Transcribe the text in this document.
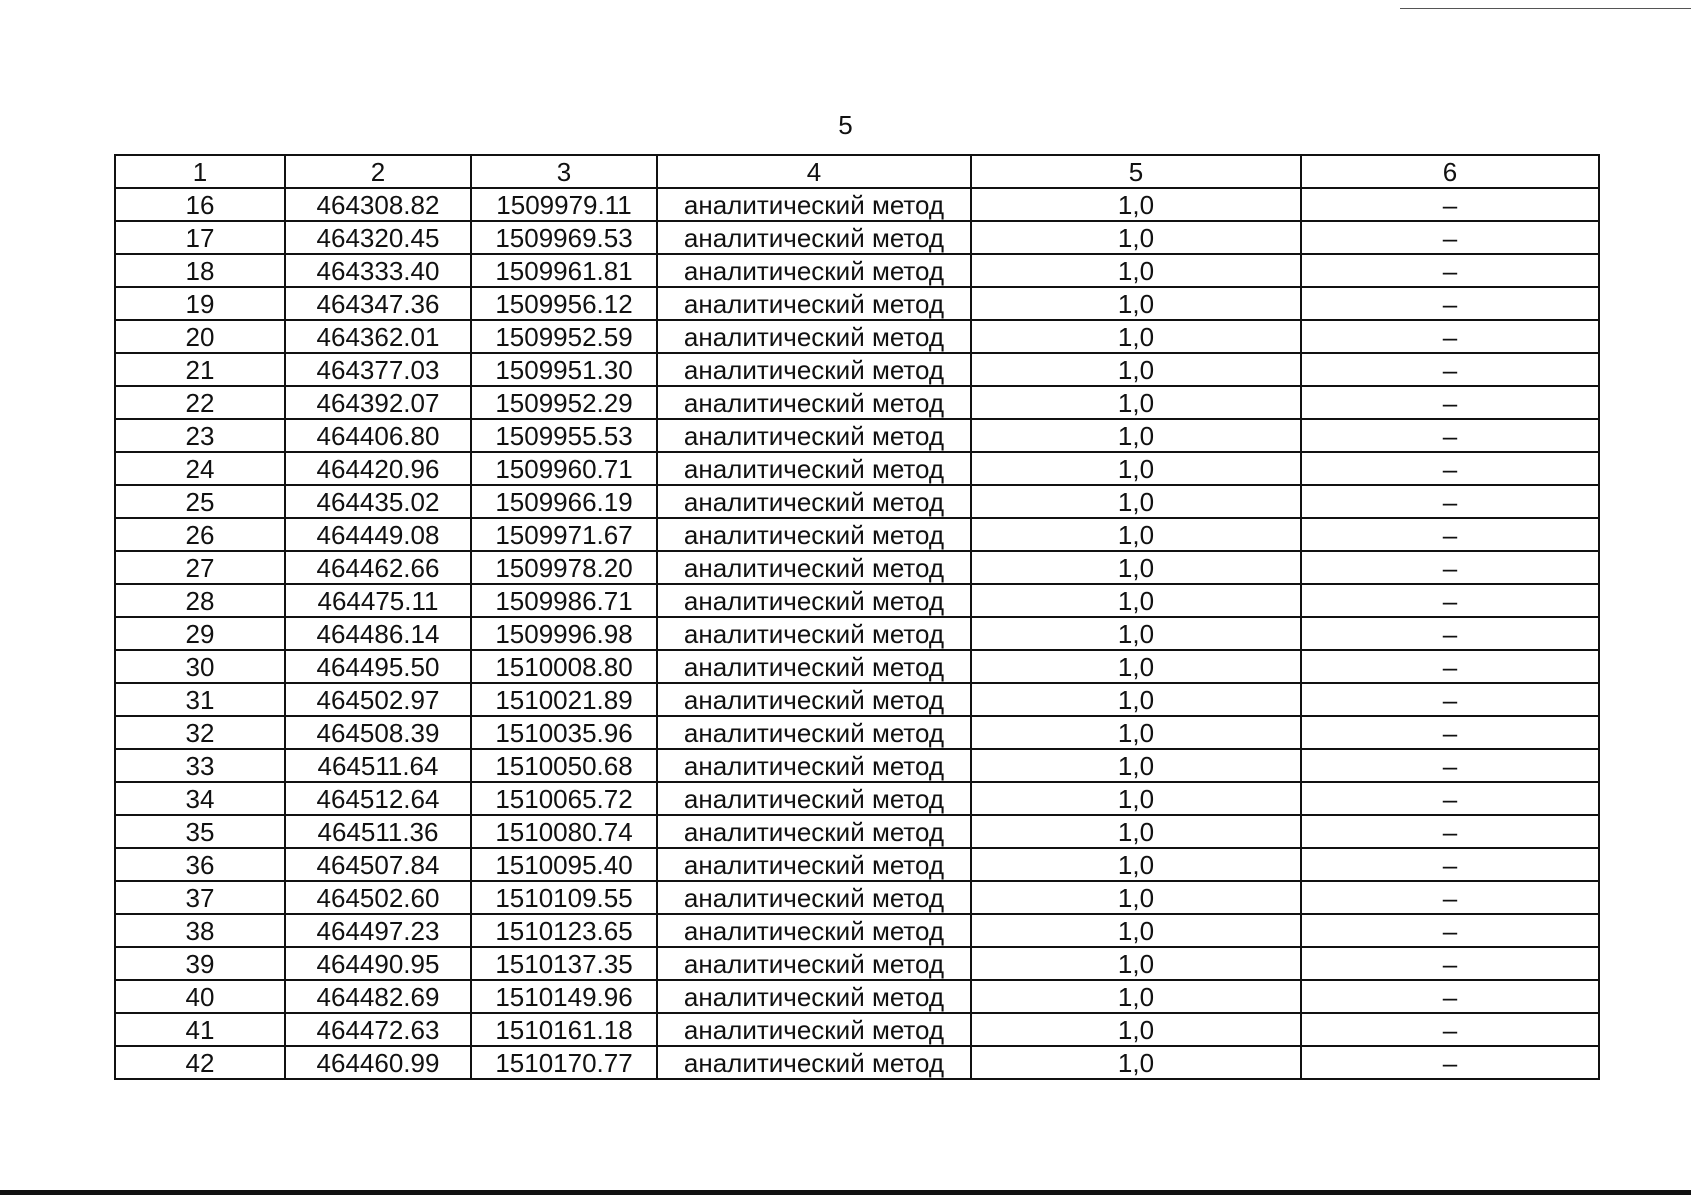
5
1	2	3	4	5	6
16	464308.82	1509979.11	аналитический метод	1,0	–
17	464320.45	1509969.53	аналитический метод	1,0	–
18	464333.40	1509961.81	аналитический метод	1,0	–
19	464347.36	1509956.12	аналитический метод	1,0	–
20	464362.01	1509952.59	аналитический метод	1,0	–
21	464377.03	1509951.30	аналитический метод	1,0	–
22	464392.07	1509952.29	аналитический метод	1,0	–
23	464406.80	1509955.53	аналитический метод	1,0	–
24	464420.96	1509960.71	аналитический метод	1,0	–
25	464435.02	1509966.19	аналитический метод	1,0	–
26	464449.08	1509971.67	аналитический метод	1,0	–
27	464462.66	1509978.20	аналитический метод	1,0	–
28	464475.11	1509986.71	аналитический метод	1,0	–
29	464486.14	1509996.98	аналитический метод	1,0	–
30	464495.50	1510008.80	аналитический метод	1,0	–
31	464502.97	1510021.89	аналитический метод	1,0	–
32	464508.39	1510035.96	аналитический метод	1,0	–
33	464511.64	1510050.68	аналитический метод	1,0	–
34	464512.64	1510065.72	аналитический метод	1,0	–
35	464511.36	1510080.74	аналитический метод	1,0	–
36	464507.84	1510095.40	аналитический метод	1,0	–
37	464502.60	1510109.55	аналитический метод	1,0	–
38	464497.23	1510123.65	аналитический метод	1,0	–
39	464490.95	1510137.35	аналитический метод	1,0	–
40	464482.69	1510149.96	аналитический метод	1,0	–
41	464472.63	1510161.18	аналитический метод	1,0	–
42	464460.99	1510170.77	аналитический метод	1,0	–
